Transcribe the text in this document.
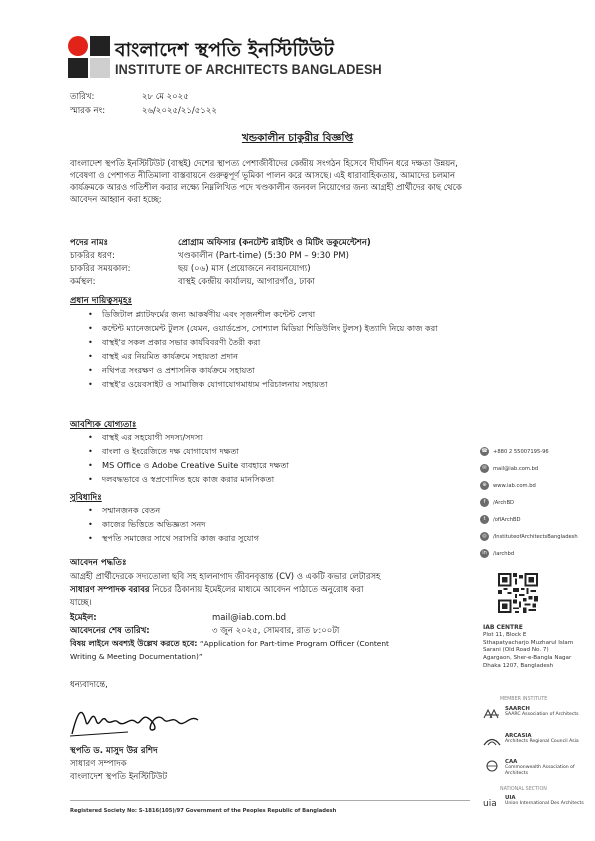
বাংলাদেশ স্থপতি ইনস্টিটিউট
INSTITUTE OF ARCHITECTS BANGLADESH
তারিখ:	২৮ মে ২০২৫
স্মারক নং:	২৬/২০২৫/২১/৫১২২
খন্ডকালীন চাকুরীর বিজ্ঞপ্তি
বাংলাদেশ স্থপতি ইনস্টিটিউট (বাস্থই) দেশের স্থাপত্য পেশাজীবীদের কেন্দ্রীয় সংগঠন হিসেবে দীর্ঘদিন ধরে দক্ষতা উন্নয়ন, গবেষণা ও পেশাগত নীতিমালা বাস্তবায়নে গুরুত্বপূর্ণ ভূমিকা পালন করে আসছে। এই ধারাবাহিকতায়, আমাদের চলমান কার্যক্রমকে আরও গতিশীল করার লক্ষ্যে নিম্নলিখিত পদে খণ্ডকালীন জনবল নিয়োগের জন্য আগ্রহী প্রার্থীদের কাছ থেকে আবেদন আহ্বান করা হচ্ছে:
পদের নামঃ	প্রোগ্রাম অফিসার (কনটেন্ট রাইটিং ও মিটিং ডকুমেন্টেশন)
চাকরির ধরণ:	খণ্ডকালীন (Part-time) (5:30 PM – 9:30 PM)
চাকরির সময়কাল:	ছয় (০৬) মাস (প্রয়োজনে নবায়নযোগ্য)
কর্মস্থল:	বাস্থই কেন্দ্রীয় কার্যালয়, আগারগাঁও, ঢাকা
প্রধান দায়িত্বসমূহঃ
• ডিজিটাল প্ল্যাটফর্মের জন্য আকর্ষণীয় এবং সৃজনশীল কন্টেন্ট লেখা
• কন্টেন্ট ম্যানেজমেন্ট টুলস (যেমন, ওয়ার্ডপ্রেস, সোশ্যাল মিডিয়া শিডিউলিং টুলস) ইত্যাদি নিয়ে কাজ করা
• বাস্থই'র সকল প্রকার সভার কার্যবিবরণী তৈরী করা
• বাস্থই এর নিয়মিত কার্যক্রমে সহায়তা প্রদান
• নথিপত্র সংরক্ষণ ও প্রশাসনিক কার্যক্রমে সহায়তা
• বাস্থই'র ওয়েবসাইট ও সামাজিক যোগাযোগমাধ্যম পরিচালনায় সহায়তা
আবশ্যিক যোগ্যতাঃ
• বাস্থই এর সহযোগী সদস্য/সদস্য
• বাংলা ও ইংরেজিতে দক্ষ যোগাযোগ দক্ষতা
• MS Office ও Adobe Creative Suite ব্যবহারে দক্ষতা
• দলবদ্ধভাবে ও স্বপ্রণোদিত হয়ে কাজ করার মানসিকতা
সুবিধাদিঃ
• সম্মানজনক বেতন
• কাজের ভিত্তিতে অভিজ্ঞতা সনদ
• স্থপতি সমাজের সাথে সরাসরি কাজ করার সুযোগ
আবেদন পদ্ধতিঃ
আগ্রহী প্রার্থীদেরকে সদ্যতোলা ছবি সহ হালনাগাদ জীবনবৃত্তান্ত (CV) ও একটি কভার লেটারসহ
সাধারণ সম্পাদক বরাবর নিচের ঠিকানায় ইমেইলের মাধ্যমে আবেদন পাঠাতে অনুরোধ করা
যাচ্ছে।
ইমেইল:	mail@iab.com.bd
আবেদনের শেষ তারিখ:	৩ জুন ২০২৫, সোমবার, রাত ৮:০০টা
বিষয় লাইনে অবশ্যই উল্লেখ করতে হবে: “Application for Part-time Program Officer (Content
Writing & Meeting Documentation)”
ধন্যবাদান্তে,
স্থপতি ড. মাসুদ উর রশিদ
সাধারণ সম্পাদক
বাংলাদেশ স্থপতি ইনস্টিটিউট
☎ +880 2 55007195-96
✉	mail@iab.com.bd
⊕	www.iab.com.bd
f	/ArchBD
t	/ofIArchBD
◎	/InstituteofArchitectsBangladesh
in	/iarchbd
IAB CENTRE
Plot 11, Block E
Sthapatyacharjo Muzharul Islam
Sarani (Old Road No. 7)
Agargaon, Sher-e-Bangla Nagar
Dhaka 1207, Bangladesh
MEMBER INSTITUTE
SAARCH
SAARC Association of Architects
ARCASIA
Architects Regional Council Asia
CAA
Commonwealth Association of Architects
NATIONAL SECTION
uia
UIA
Union International Des Architects
Registered Society No: S-1816(105)/97 Government of the Peoples Republic of Bangladesh
